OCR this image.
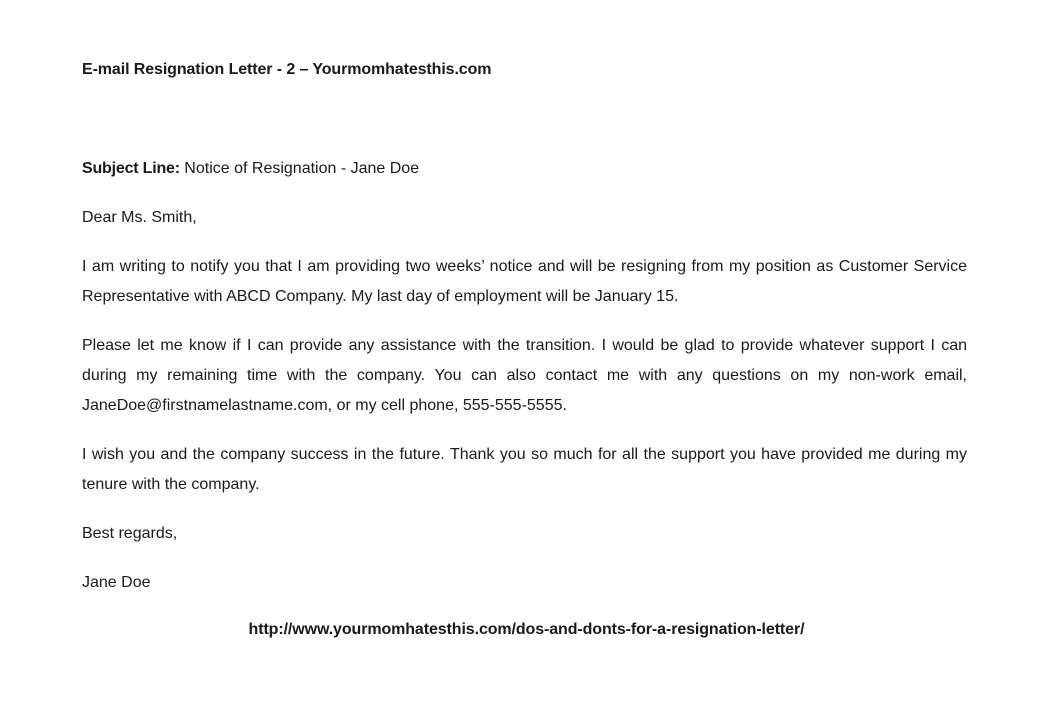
E-mail Resignation Letter - 2 – Yourmomhatesthis.com
Subject Line: Notice of Resignation - Jane Doe
Dear Ms. Smith,
I am writing to notify you that I am providing two weeks’ notice and will be resigning from my position as Customer Service Representative with ABCD Company. My last day of employment will be January 15.
Please let me know if I can provide any assistance with the transition. I would be glad to provide whatever support I can during my remaining time with the company. You can also contact me with any questions on my non-work email, JaneDoe@firstnamelastname.com, or my cell phone, 555-555-5555.
I wish you and the company success in the future. Thank you so much for all the support you have provided me during my tenure with the company.
Best regards,
Jane Doe
http://www.yourmomhatesthis.com/dos-and-donts-for-a-resignation-letter/
